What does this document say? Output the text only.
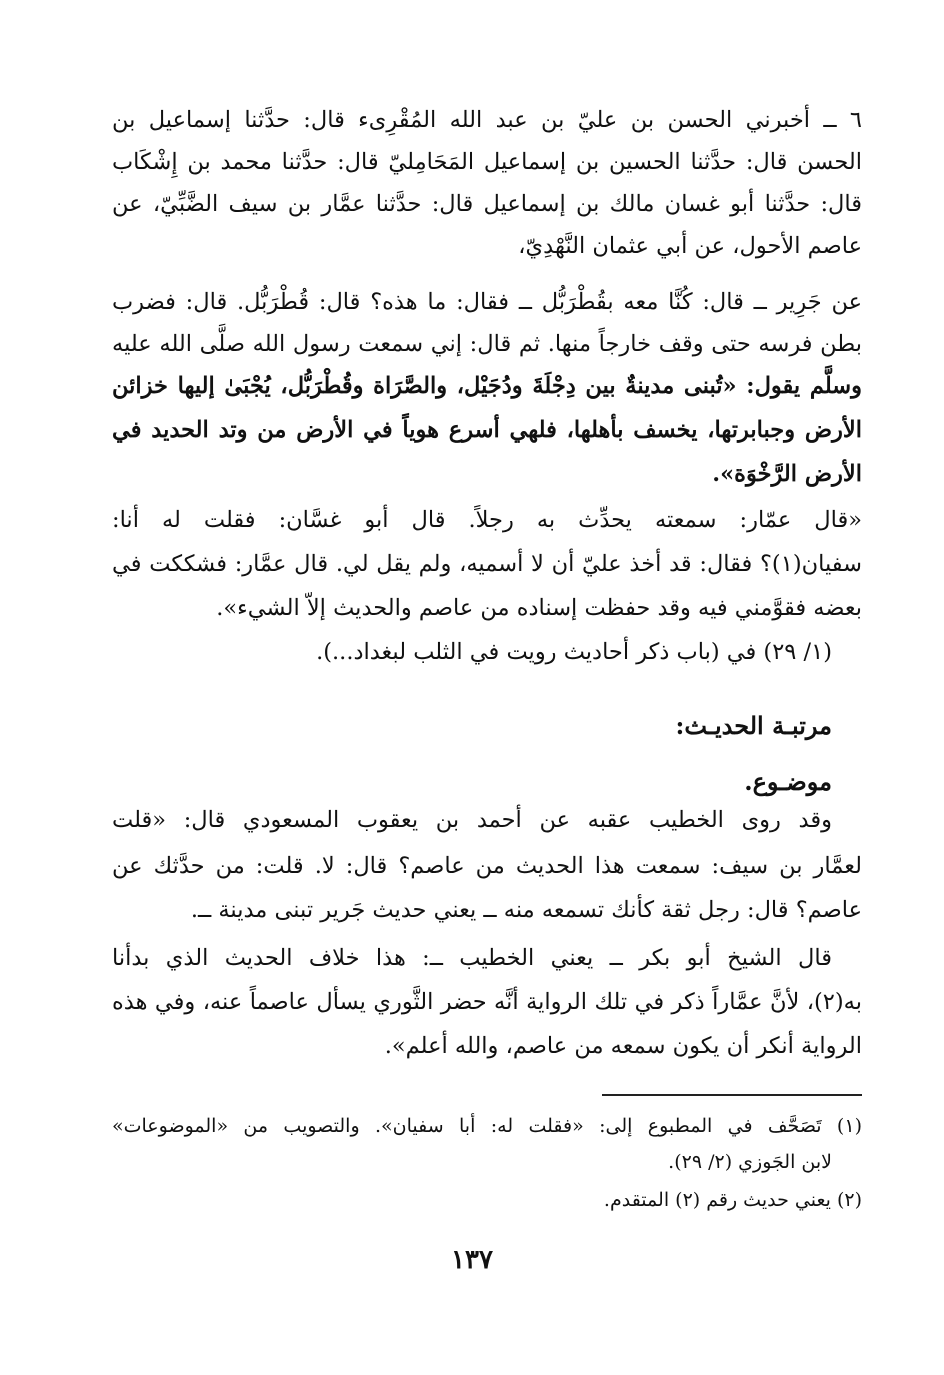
٦ ــ أخبرني الحسن بن عليّ بن عبد الله المُقْرِىء قال: حدَّثنا إسماعيل بن
الحسن قال: حدَّثنا الحسين بن إسماعيل المَحَامِليّ قال: حدَّثنا محمد بن إِشْكَاب
قال: حدَّثنا أبو غسان مالك بن إسماعيل قال: حدَّثنا عمَّار بن سيف الضَّبِّيّ، عن
عاصم الأحول، عن أبي عثمان النَّهْدِيّ،
عن جَرِير ــ قال: كُنَّا معه بقُطْرَبُّل ــ فقال: ما هذه؟ قال: قُطْرَبُّل. قال: فضرب
بطن فرسه حتى وقف خارجاً منها. ثم قال: إني سمعت رسول الله صلَّى الله عليه
وسلَّم يقول: «تُبنى مدينةٌ بين دِجْلَةَ ودُجَيْل، والصَّرَاة وقُطْرَبُّل، يُجْبَىٰ إليها خزائن
الأرض وجبابرتها، يخسف بأهلها، فلهي أسرع هوياً في الأرض من وتد الحديد في
الأرض الرَّخْوَة».
«قال عمّار: سمعته يحدِّث به رجلاً. قال أبو غسَّان: فقلت له أنا:
سفيان(١)؟ فقال: قد أخذ عليّ أن لا أسميه، ولم يقل لي. قال عمَّار: فشككت في
بعضه فقوَّمني فيه وقد حفظت إسناده من عاصم والحديث إلاّ الشيء».
(١/ ٢٩) في (باب ذكر أحاديث رويت في الثلب لبغداد...).
مرتبـة الحديـث:
موضـوع.
وقد روى الخطيب عقبه عن أحمد بن يعقوب المسعودي قال: «قلت
لعمَّار بن سيف: سمعت هذا الحديث من عاصم؟ قال: لا. قلت: من حدَّثك عن
عاصم؟ قال: رجل ثقة كأنك تسمعه منه ــ يعني حديث جَرير تبنى مدينة ــ.
قال الشيخ أبو بكر ــ يعني الخطيب ــ: هذا خلاف الحديث الذي بدأنا
به(٢)، لأنَّ عمَّاراً ذكر في تلك الرواية أنَّه حضر الثَّوري يسأل عاصماً عنه، وفي هذه
الرواية أنكر أن يكون سمعه من عاصم، والله أعلم».
(١) تَصَحَّف في المطبوع إلى: «فقلت له: أبا سفيان». والتصويب من «الموضوعات»
لابن الجَوزي (٢/ ٢٩).
(٢) يعني حديث رقم (٢) المتقدم.
١٣٧
